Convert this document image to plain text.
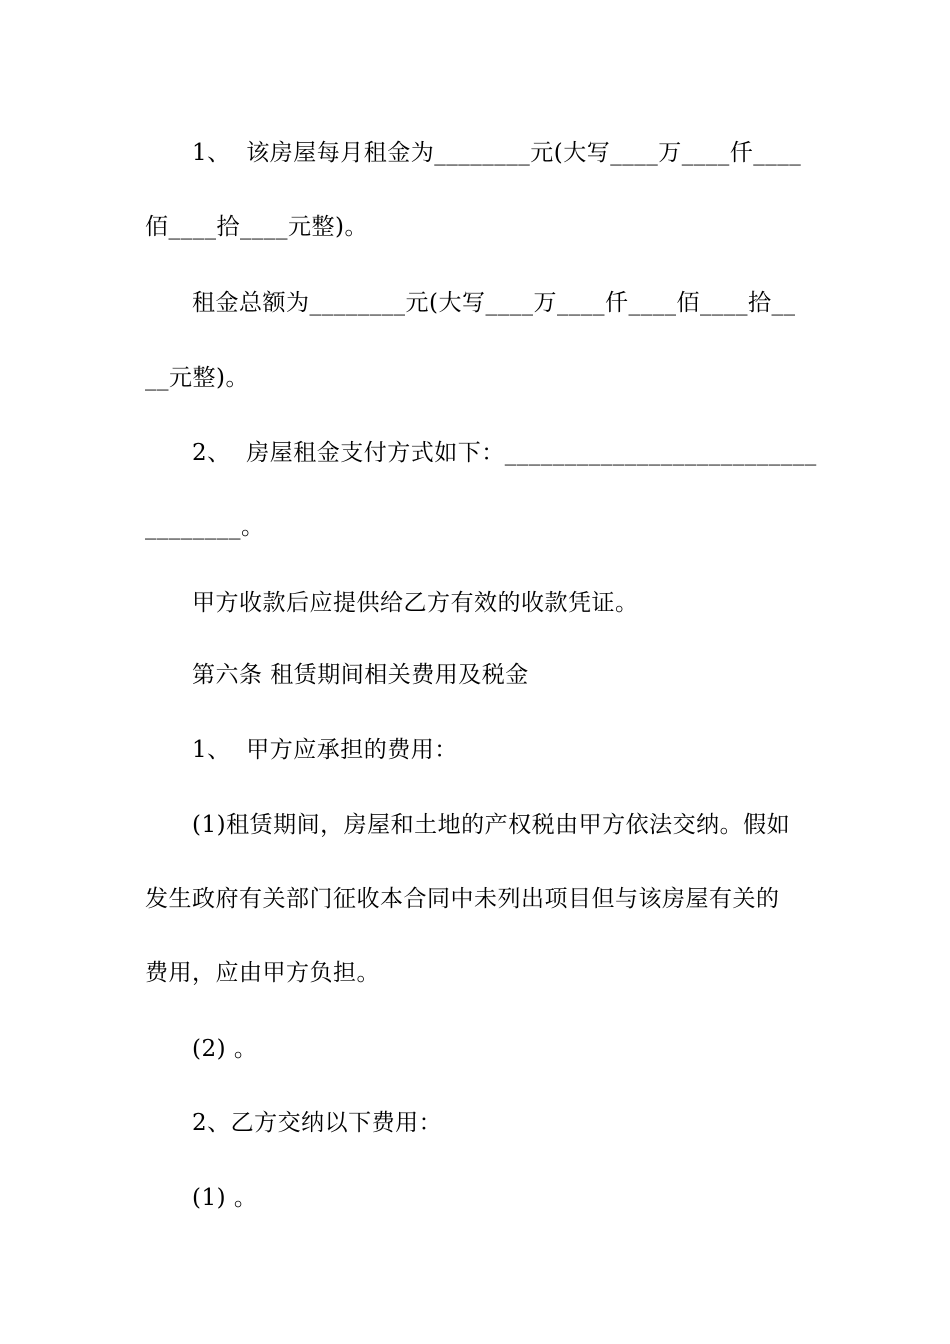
1、  该房屋每月租金为________元(大写____万____仟____
佰____拾____元整)。
租金总额为________元(大写____万____仟____佰____拾__
__元整)。
2、  房屋租金支付方式如下：__________________________
________。
甲方收款后应提供给乙方有效的收款凭证。
第六条 租赁期间相关费用及税金
1、  甲方应承担的费用：
(1)租赁期间，房屋和土地的产权税由甲方依法交纳。假如
发生政府有关部门征收本合同中未列出项目但与该房屋有关的
费用，应由甲方负担。
(2) 。
2、乙方交纳以下费用：
(1) 。
